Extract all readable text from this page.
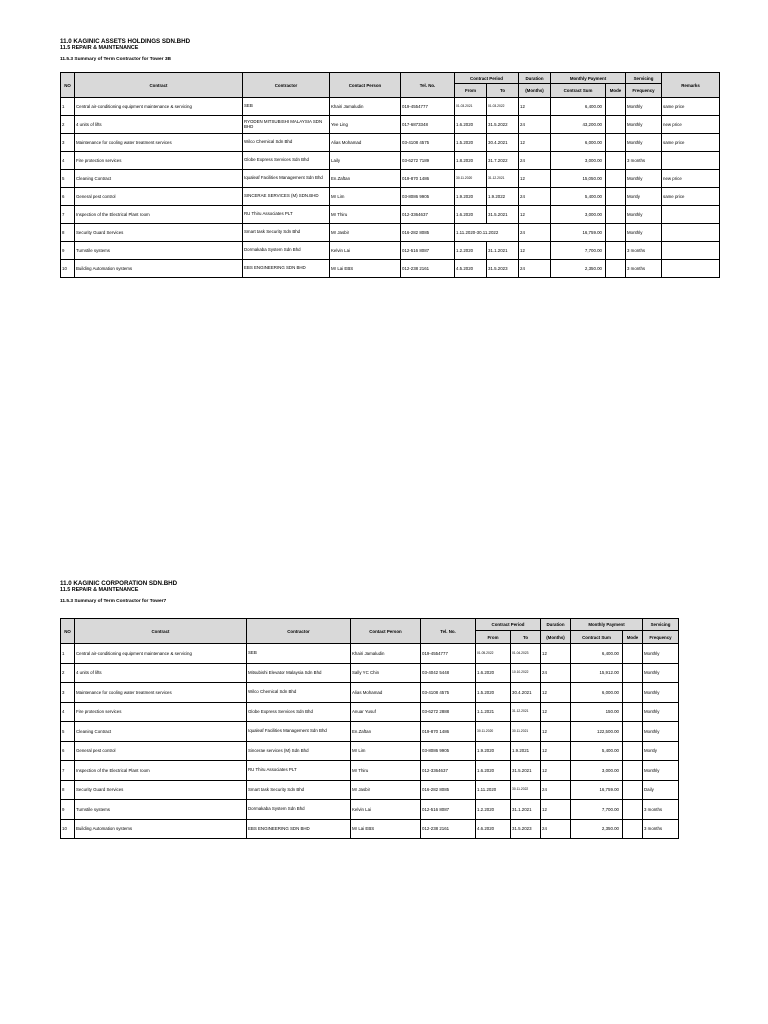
11.0 KAGINIC ASSETS HOLDINGS SDN.BHD
11.5 REPAIR & MAINTENANCE
11.5.3 Summary of Term Contractor for Tower 3B
NO	Contract	Contractor	Contact Person	Tel. No.	Contract Period		Duration	Monthly Payment		Servicing	Remarks
					From	To	(Months)	Contract Sum	Mode	Frequency	
1	Central air-conditioning equipment maintenance & servicing	SEB	Khairi Jamaludin	019-4554777	01.03.2021	01.03.2022	12	6,400.00		Monthly	same price
2	4 units of lifts	RYODEN MITSUBISHI MALAYSIA SDN BHD	Yee Ling	017-6873348	1.6.2020	31.5.2022	24	43,200.00		Monthly	new price
3	Maintenance for cooling water treatment services	Wilco Chemical Sdn Bhd	Alias Mohamad	03-4108 4575	1.5.2020	30.4.2021	12	6,000.00		Monthly	same price
4	Fire protection services	Globe Express Services Sdn Bhd	Laily	03-6272 7189	1.8.2020	31.7.2022	24	3,000.00		3 months	
5	Cleaning Contract	Iqualeaf Facilities Management Sdn Bhd	En.Zaftan	019-870 1486	30.11.2020	31.12.2021	12	15,050.00		Monthly	new price
6	General pest control	SINCERAE SERVICES (M) SDN.BHD	Mr Lim	03-8086 9905	1.9.2020	1.9.2022	24	5,400.00		Montly	same price
7	Inspection of the Electrical Plant room	RU Thiru Associates PLT	Mr Thiru	012-3364637	1.6.2020	31.5.2021	12	3,000.00		Monthly	
8	Security Guard Services	Smart task Security Sdn Bhd	Mr Jasbir	016-282 8085	1.11.2020-30.11.2022		24	16,759.00		Monthly	
9	Turnstile systems	Dormakaba System Sdn Bhd	Kelvin Lai	012-516 8087	1.2.2020	31.1.2021	12	7,700.00		3 months	
10	Building Automation systems	EBS ENGINEERING SDN BHD	Mr Lai EBS	012-238 2161	4.5.2020	31.5.2023	24	2,350.00		3 months	
11.0 KAGINIC CORPORATION SDN.BHD
11.5 REPAIR & MAINTENANCE
11.5.3 Summary of Term Contractor for Tower7
NO	Contract	Contractor	Contact Person	Tel. No.	Contract Period		Duration	Monthly Payment		Servicing
					From	To	(Months)	Contract Sum	Mode	Frequency
1	Central air-conditioning equipment maintenance & servicing	SEB	Khairi Jamaludin	019-4554777	01.05.2022	01.04.2023	12	6,400.00		Monthly
2	4 units of lifts	Mitsubishi Elevator Malaysia Sdn Bhd	Sally YC Chin	03-4042 5448	1.6.2020	10.10.2022	24	15,912.00		Monthly
3	Maintenance for cooling water treatment services	Wilco Chemical Sdn Bhd	Alias Mohamad	03-4108 4575	1.5.2020	30.4.2021	12	6,000.00		Monthly
4	Fire protection services	Globe Express Services Sdn Bhd	Anuar Yusuf	03-6272 2888	1.1.2021	31.12.2021	12	150.00		Monthly
5	Cleaning Contract	Iqualeaf Facilities Management Sdn Bhd	En.Zaftan	019-870 1486	30.11.2020	30.11.2021	12	122,500.00		Monthly
6	General pest control	Sincerae services (M) Sdn Bhd	Mr Lim	03-8086 9905	1.9.2020	1.9.2021	12	5,400.00		Montly
7	Inspection of the Electrical Plant room	RU Thiru Associates PLT	Mr Thiru	012-3364637	1.6.2020	31.5.2021	12	3,000.00		Monthly
8	Security Guard Services	Smart task Security Sdn Bhd	Mr Jasbir	016-282 8085	1.11.2020	30.11.2022	24	16,759.00		Daily
9	Turnstile systems	Dormakaba System Sdn Bhd	Kelvin Lai	012-516 8087	1.2.2020	31.1.2021	12	7,700.00		3 months
10	Building Automation systems	EBS ENGINEERING SDN BHD	Mr Lai EBS	012-238 2161	4.6.2020	31.5.2023	24	2,350.00		3 months
